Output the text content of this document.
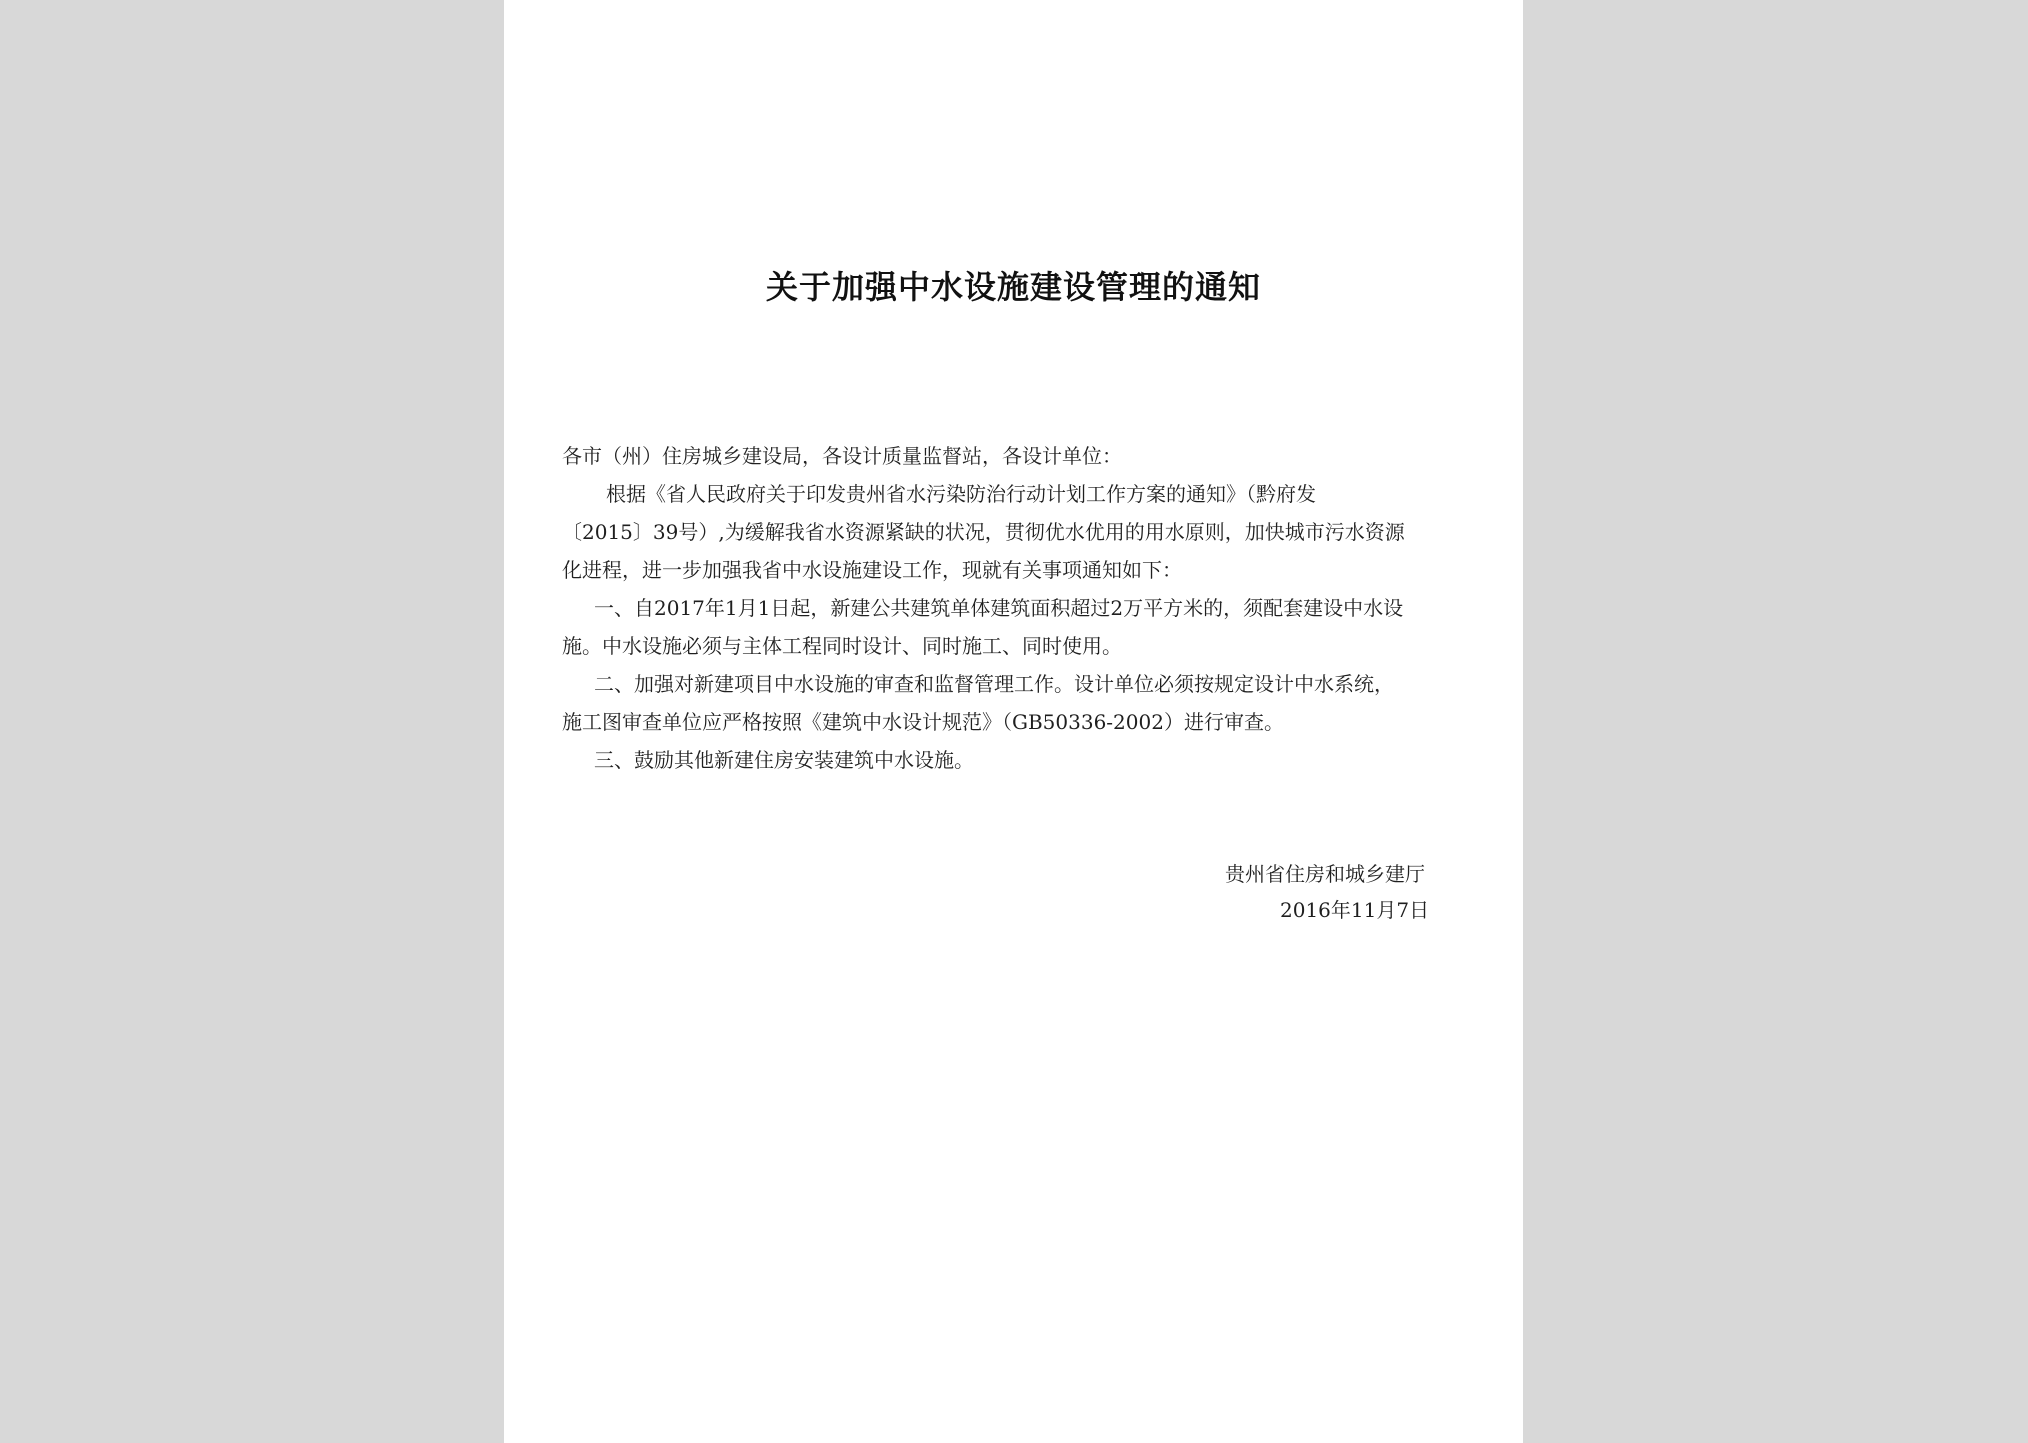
关于加强中水设施建设管理的通知
各市（州）住房城乡建设局，各设计质量监督站，各设计单位：
根据《省人民政府关于印发贵州省水污染防治行动计划工作方案的通知》（黔府发
〔2015〕39号）,为缓解我省水资源紧缺的状况，贯彻优水优用的用水原则，加快城市污水资源
化进程，进一步加强我省中水设施建设工作，现就有关事项通知如下：
一、自2017年1月1日起，新建公共建筑单体建筑面积超过2万平方米的，须配套建设中水设
施。中水设施必须与主体工程同时设计、同时施工、同时使用。
二、加强对新建项目中水设施的审查和监督管理工作。设计单位必须按规定设计中水系统，
施工图审查单位应严格按照《建筑中水设计规范》（GB50336-2002）进行审查。
三、鼓励其他新建住房安装建筑中水设施。
贵州省住房和城乡建厅
2016年11月7日
